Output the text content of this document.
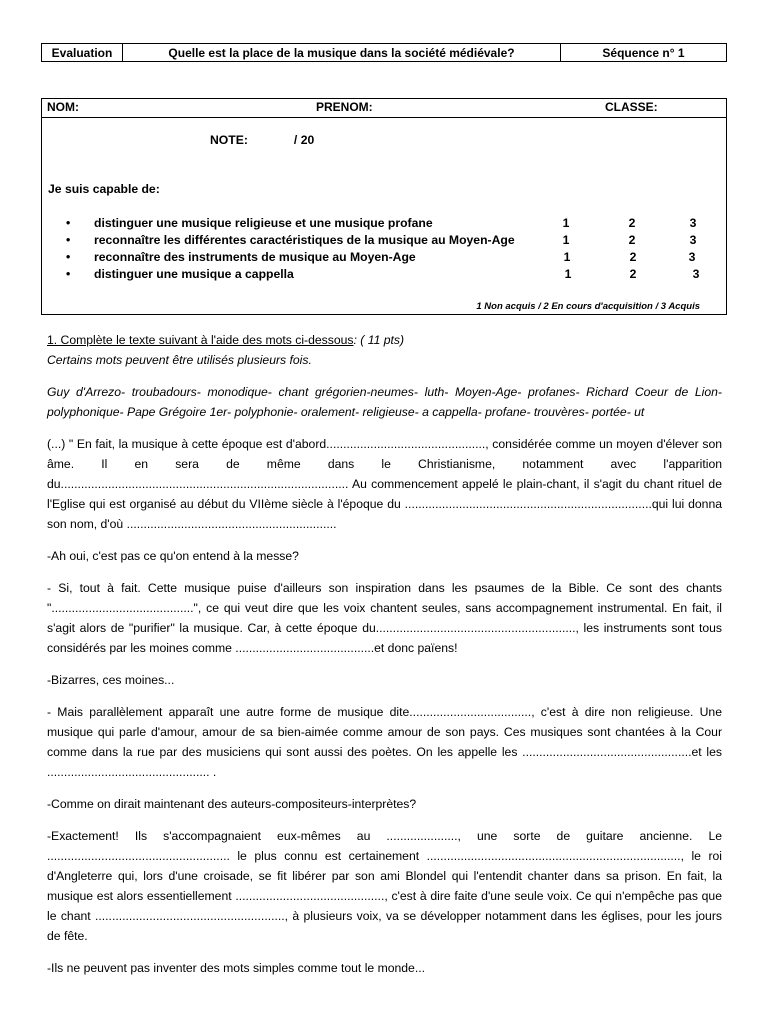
Evaluation	Quelle est la place de la musique dans la société médiévale?	Séquence n° 1
NOM:	PRENOM:	CLASSE:
NOTE:	/ 20
Je suis capable de:
• distinguer une musique religieuse et une musique profane	1	2	3
• reconnaître les différentes caractéristiques de la musique au Moyen-Age	1	2	3
• reconnaître des instruments de musique au Moyen-Age	1	2	3
• distinguer une musique a cappella	1	2	3
1 Non acquis / 2 En cours d'acquisition / 3 Acquis

1. Complète le texte suivant à l'aide des mots ci-dessous: ( 11 pts)

Certains mots peuvent être utilisés plusieurs fois.

Guy d'Arrezo- troubadours- monodique- chant grégorien-neumes- luth- Moyen-Age- profanes- Richard Coeur de Lion- polyphonique- Pape Grégoire 1er- polyphonie- oralement- religieuse- a cappella- profane- trouvères- portée- ut

(...) " En fait, la musique à cette époque est d'abord..............................................., considérée comme un moyen d'élever son âme. Il en sera de même dans le Christianisme, notamment avec l'apparition du..................................................................................... Au commencement appelé le plain-chant, il s'agit du chant rituel de l'Eglise qui est organisé au début du VIIème siècle à l'époque du .........................................................................qui lui donna son nom, d'où ..............................................................

-Ah oui, c'est pas ce qu'on entend à la messe?

- Si, tout à fait. Cette musique puise d'ailleurs son inspiration dans les psaumes de la Bible. Ce sont des chants "..........................................", ce qui veut dire que les voix chantent seules, sans accompagnement instrumental. En fait, il s'agit alors de "purifier" la musique. Car, à cette époque du..........................................................., les instruments sont tous considérés par les moines comme .........................................et donc païens!

-Bizarres, ces moines...

- Mais parallèlement apparaît une autre forme de musique dite...................................., c'est à dire non religieuse. Une musique qui parle d'amour, amour de sa bien-aimée comme amour de son pays. Ces musiques sont chantées à la Cour comme dans la rue par des musiciens qui sont aussi des poètes. On les appelle les ..................................................et les ................................................ .

-Comme on dirait maintenant des auteurs-compositeurs-interprètes?

-Exactement! Ils s'accompagnaient eux-mêmes au ....................., une sorte de guitare ancienne. Le ...................................................... le plus connu est certainement ..........................................................................., le roi d'Angleterre qui, lors d'une croisade, se fit libérer par son ami Blondel qui l'entendit chanter dans sa prison. En fait, la musique est alors essentiellement ............................................, c'est à dire faite d'une seule voix. Ce qui n'empêche pas que le chant ........................................................, à plusieurs voix, va se développer notamment dans les églises, pour les jours de fête.

-Ils ne peuvent pas inventer des mots simples comme tout le monde...
